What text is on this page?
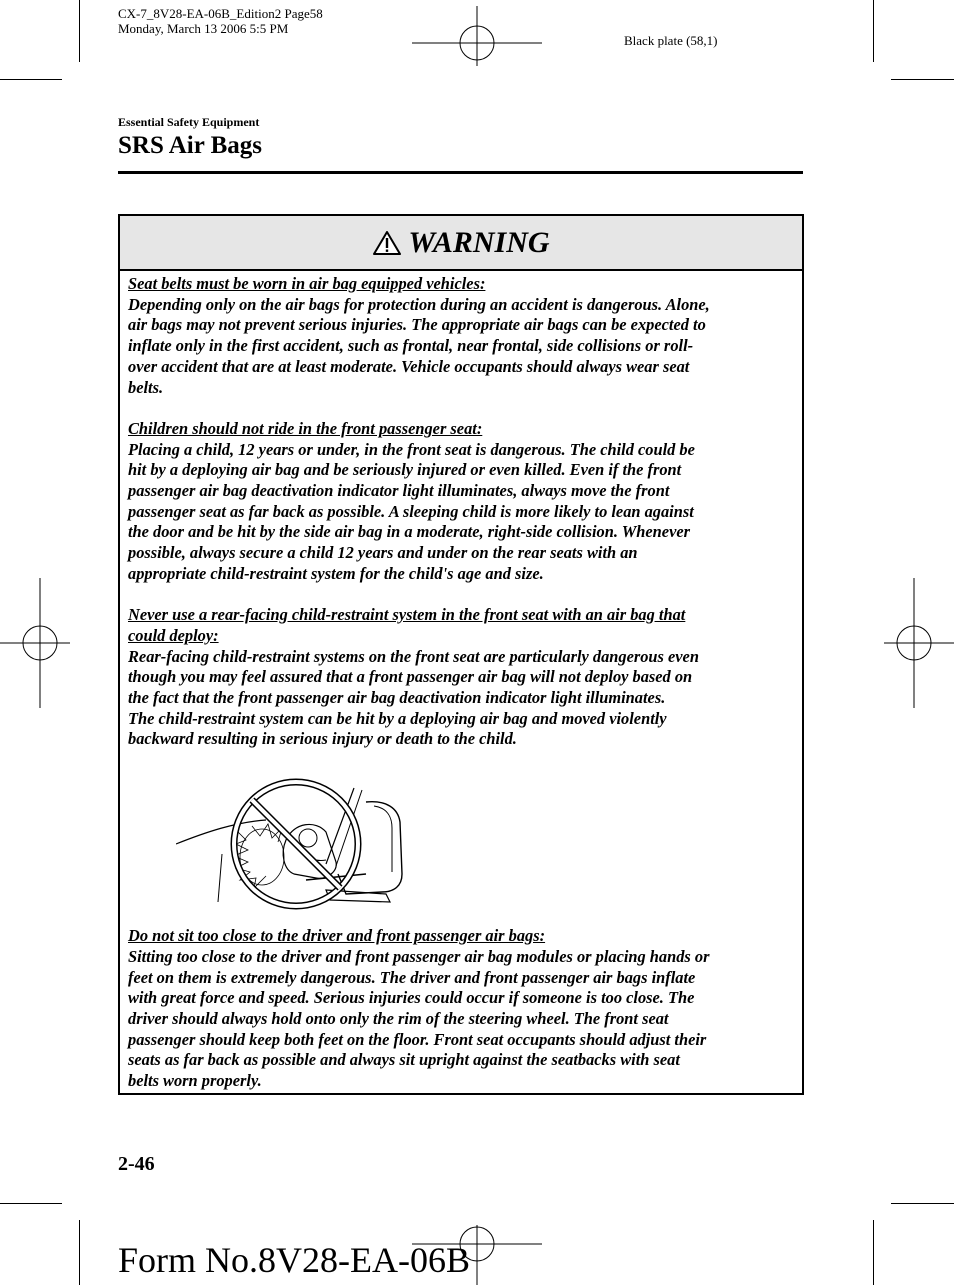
CX-7_8V28-EA-06B_Edition2 Page58
Monday, March 13 2006 5:5 PM
Black plate (58,1)
Essential Safety Equipment
SRS Air Bags
WARNING

Seat belts must be worn in air bag equipped vehicles:

Depending only on the air bags for protection during an accident is dangerous. Alone,

air bags may not prevent serious injuries. The appropriate air bags can be expected to

inflate only in the first accident, such as frontal, near frontal, side collisions or roll-

over accident that are at least moderate. Vehicle occupants should always wear seat

belts.

Children should not ride in the front passenger seat:

Placing a child, 12 years or under, in the front seat is dangerous. The child could be

hit by a deploying air bag and be seriously injured or even killed. Even if the front

passenger air bag deactivation indicator light illuminates, always move the front

passenger seat as far back as possible. A sleeping child is more likely to lean against

the door and be hit by the side air bag in a moderate, right-side collision. Whenever

possible, always secure a child 12 years and under on the rear seats with an

appropriate child-restraint system for the child's age and size.

Never use a rear-facing child-restraint system in the front seat with an air bag that

could deploy:

Rear-facing child-restraint systems on the front seat are particularly dangerous even

though you may feel assured that a front passenger air bag will not deploy based on

the fact that the front passenger air bag deactivation indicator light illuminates.

The child-restraint system can be hit by a deploying air bag and moved violently

backward resulting in serious injury or death to the child.

Do not sit too close to the driver and front passenger air bags:

Sitting too close to the driver and front passenger air bag modules or placing hands or

feet on them is extremely dangerous. The driver and front passenger air bags inflate

with great force and speed. Serious injuries could occur if someone is too close. The

driver should always hold onto only the rim of the steering wheel. The front seat

passenger should keep both feet on the floor. Front seat occupants should adjust their

seats as far back as possible and always sit upright against the seatbacks with seat

belts worn properly.

2-46
Form No.8V28-EA-06B
